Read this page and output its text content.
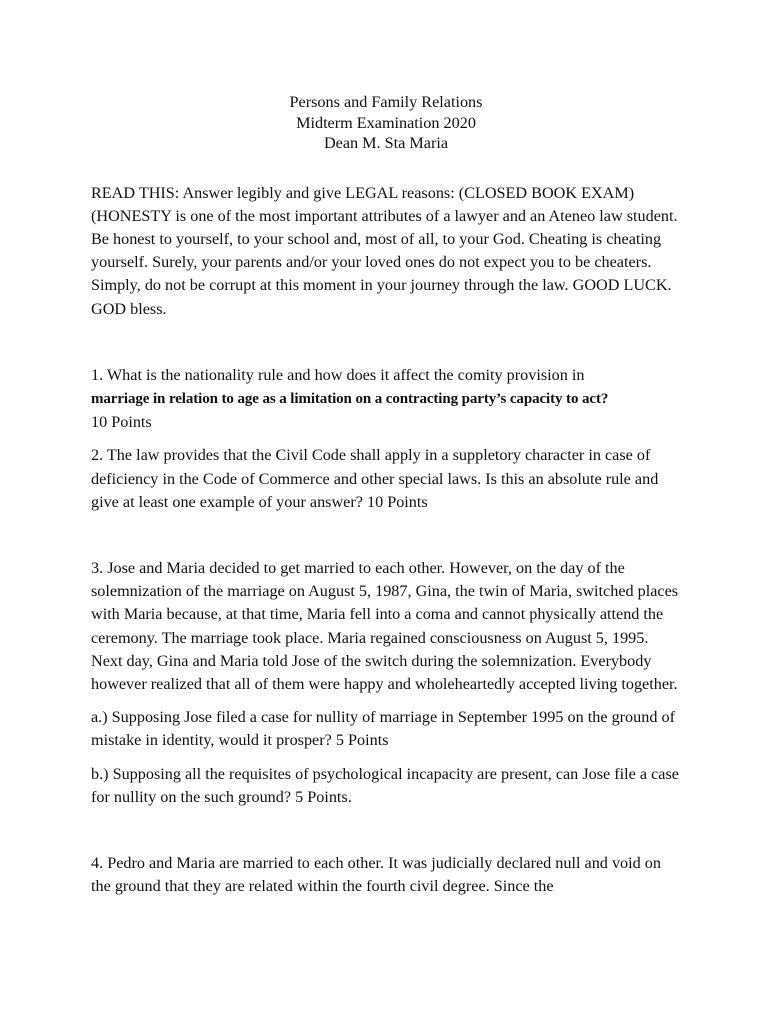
Persons and Family Relations
Midterm Examination 2020
Dean M. Sta Maria

READ THIS: Answer legibly and give LEGAL reasons: (CLOSED BOOK EXAM) (HONESTY is one of the most important attributes of a lawyer and an Ateneo law student. Be honest to yourself, to your school and, most of all, to your God. Cheating is cheating yourself. Surely, your parents and/or your loved ones do not expect you to be cheaters. Simply, do not be corrupt at this moment in your journey through the law. GOOD LUCK. GOD bless.

1. What is the nationality rule and how does it affect the comity provision in
marriage in relation to age as a limitation on a contracting party’s capacity to act?
10 Points

2. The law provides that the Civil Code shall apply in a suppletory character in case of deficiency in the Code of Commerce and other special laws. Is this an absolute rule and give at least one example of your answer? 10 Points

3. Jose and Maria decided to get married to each other. However, on the day of the solemnization of the marriage on August 5, 1987, Gina, the twin of Maria, switched places with Maria because, at that time, Maria fell into a coma and cannot physically attend the ceremony. The marriage took place. Maria regained consciousness on August 5, 1995. Next day, Gina and Maria told Jose of the switch during the solemnization. Everybody however realized that all of them were happy and wholeheartedly accepted living together.

a.) Supposing Jose filed a case for nullity of marriage in September 1995 on the ground of mistake in identity, would it prosper? 5 Points

b.) Supposing all the requisites of psychological incapacity are present, can Jose file a case for nullity on the such ground? 5 Points.

4. Pedro and Maria are married to each other. It was judicially declared null and void on the ground that they are related within the fourth civil degree. Since the
